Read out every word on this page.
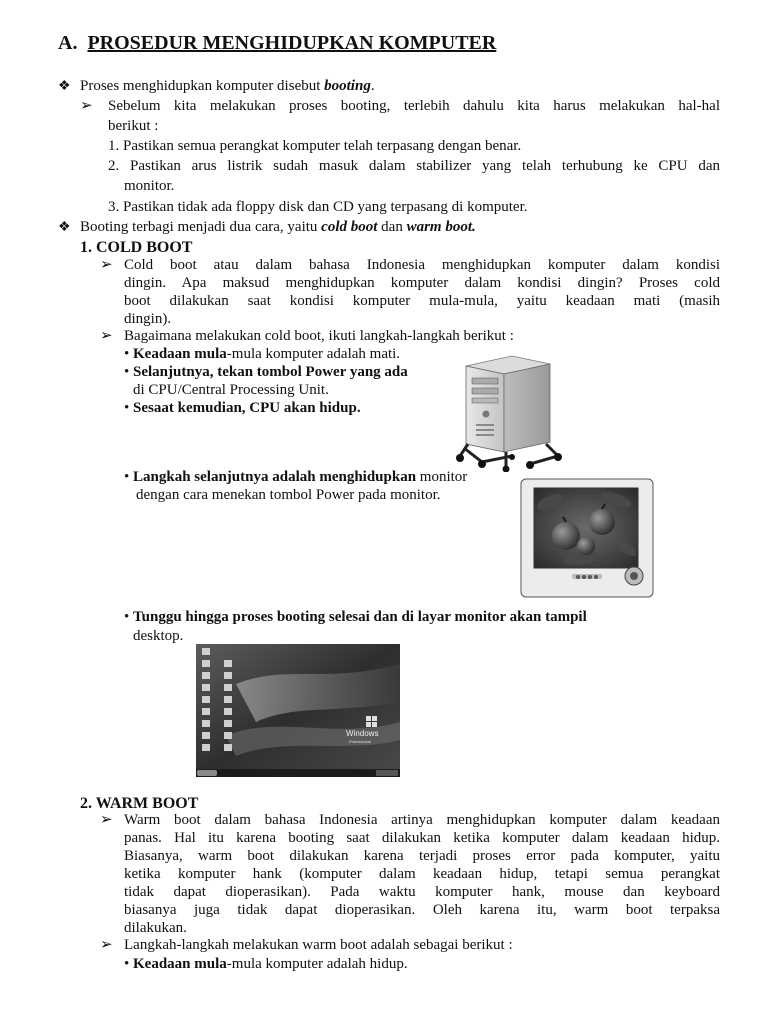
A. PROSEDUR MENGHIDUPKAN KOMPUTER
❖ Proses menghidupkan komputer disebut booting.
➢ Sebelum kita melakukan proses booting, terlebih dahulu kita harus melakukan hal-hal
berikut :
1. Pastikan semua perangkat komputer telah terpasang dengan benar.
2. Pastikan arus listrik sudah masuk dalam stabilizer yang telah terhubung ke CPU dan
monitor.
3. Pastikan tidak ada floppy disk dan CD yang terpasang di komputer.
❖ Booting terbagi menjadi dua cara, yaitu cold boot dan warm boot.
1. COLD BOOT
➢ Cold boot atau dalam bahasa Indonesia menghidupkan komputer dalam kondisi
dingin. Apa maksud menghidupkan komputer dalam kondisi dingin? Proses cold
boot dilakukan saat kondisi komputer mula-mula, yaitu keadaan mati (masih
dingin).
➢ Bagaimana melakukan cold boot, ikuti langkah-langkah berikut :
• Keadaan mula-mula komputer adalah mati.
• Selanjutnya, tekan tombol Power yang ada
di CPU/Central Processing Unit.
• Sesaat kemudian, CPU akan hidup.
• Langkah selanjutnya adalah menghidupkan monitor
dengan cara menekan tombol Power pada monitor.
• Tunggu hingga proses booting selesai dan di layar monitor akan tampil
desktop.
Windows
Professional
2. WARM BOOT
➢ Warm boot dalam bahasa Indonesia artinya menghidupkan komputer dalam keadaan
panas. Hal itu karena booting saat dilakukan ketika komputer dalam keadaan hidup.
Biasanya, warm boot dilakukan karena terjadi proses error pada komputer, yaitu
ketika komputer hank (komputer dalam keadaan hidup, tetapi semua perangkat
tidak dapat dioperasikan). Pada waktu komputer hank, mouse dan keyboard
biasanya juga tidak dapat dioperasikan. Oleh karena itu, warm boot terpaksa
dilakukan.
➢ Langkah-langkah melakukan warm boot adalah sebagai berikut :
• Keadaan mula-mula komputer adalah hidup.
